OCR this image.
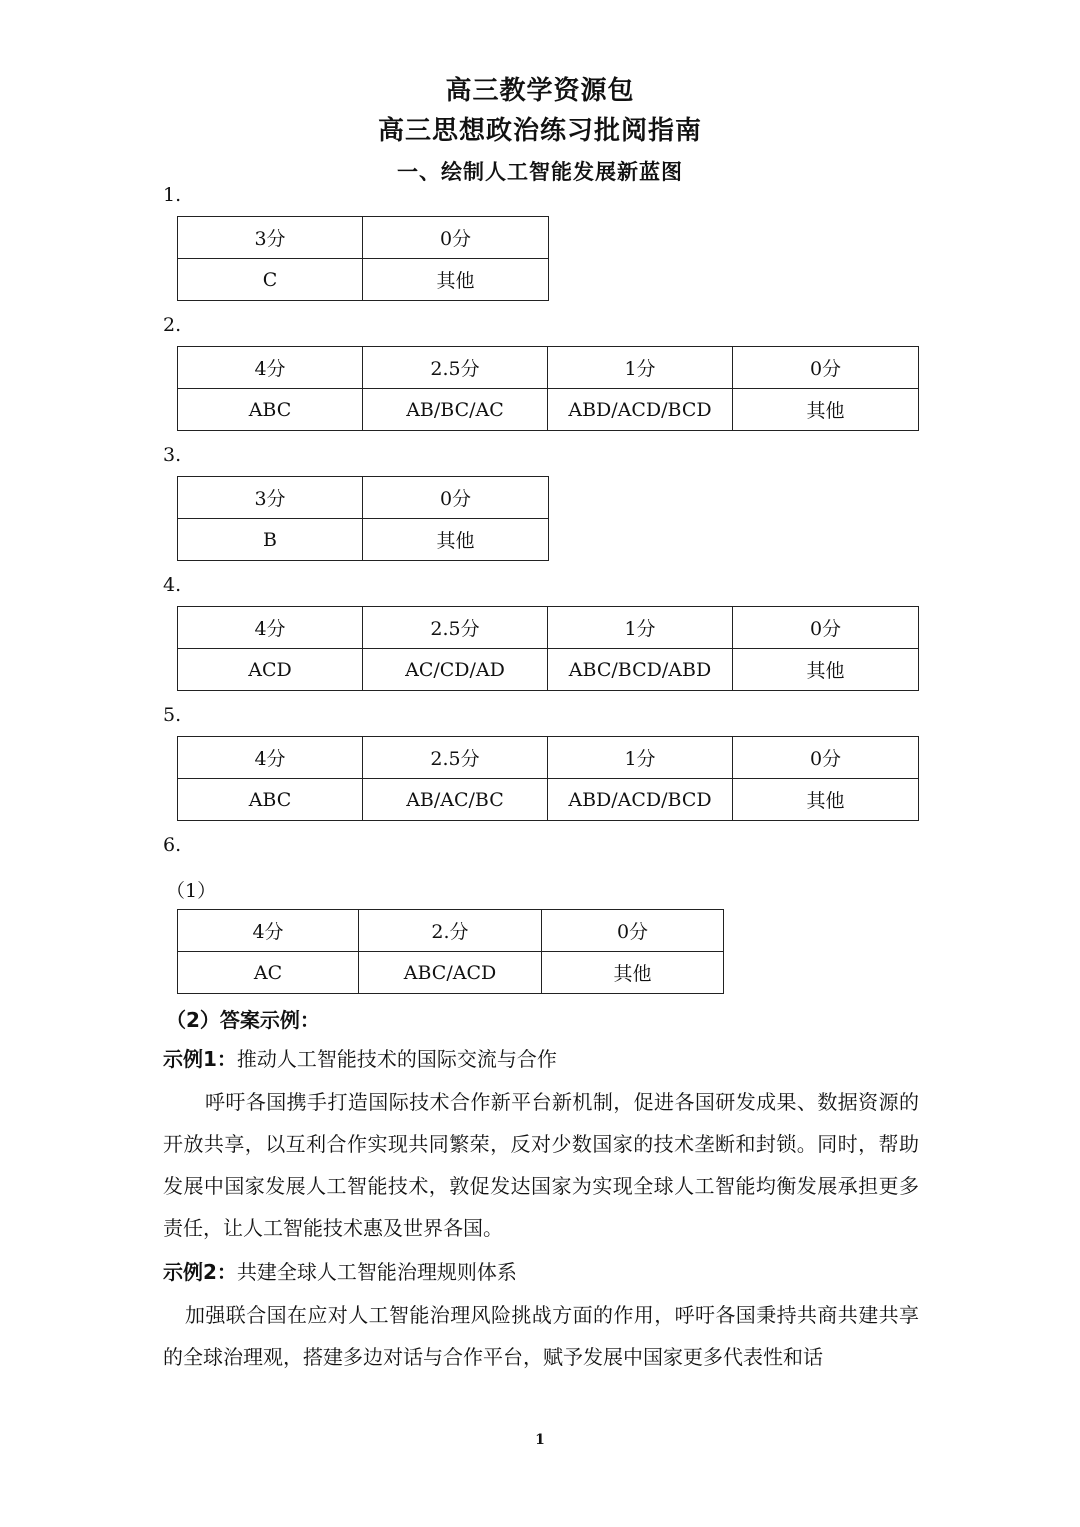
高三教学资源包
高三思想政治练习批阅指南
一、绘制人工智能发展新蓝图
1.
3分	0分
C	其他
2.
4分	2.5分	1分	0分
ABC	AB/BC/AC	ABD/ACD/BCD	其他
3.
3分	0分
B	其他
4.
4分	2.5分	1分	0分
ACD	AC/CD/AD	ABC/BCD/ABD	其他
5.
4分	2.5分	1分	0分
ABC	AB/AC/BC	ABD/ACD/BCD	其他
6.
（1）
4分	2.分	0分
AC	ABC/ACD	其他
（2）答案示例：
示例1：推动人工智能技术的国际交流与合作
呼吁各国携手打造国际技术合作新平台新机制，促进各国研发成果、数据资源的开放共享，以互利合作实现共同繁荣，反对少数国家的技术垄断和封锁。同时，帮助发展中国家发展人工智能技术，敦促发达国家为实现全球人工智能均衡发展承担更多责任，让人工智能技术惠及世界各国。
示例2：共建全球人工智能治理规则体系
加强联合国在应对人工智能治理风险挑战方面的作用，呼吁各国秉持共商共建共享的全球治理观，搭建多边对话与合作平台，赋予发展中国家更多代表性和话
1
